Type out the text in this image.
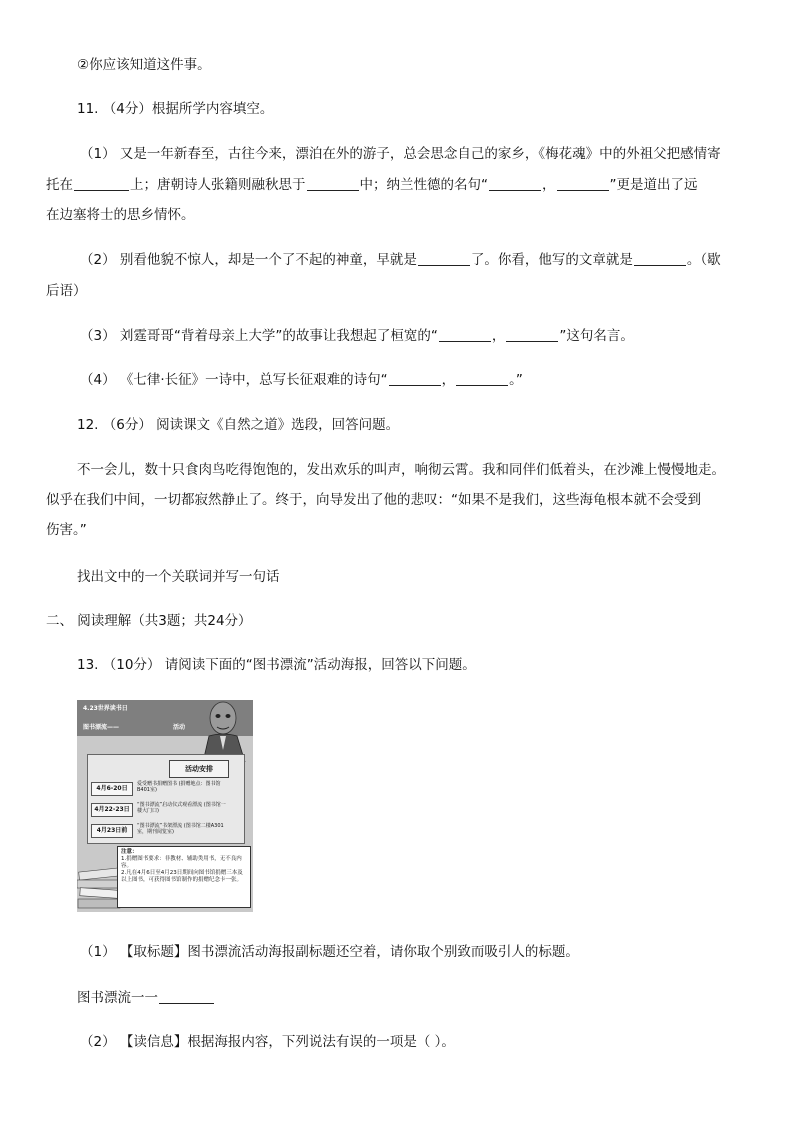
②你应该知道这件事。
11. （4分）根据所学内容填空。
（1） 又是一年新春至，古往今来，漂泊在外的游子，总会思念自己的家乡，《梅花魂》中的外祖父把感情寄
托在	上；唐朝诗人张籍则融秋思于	中；纳兰性德的名句“	，	”更是道出了远
在边塞将士的思乡情怀。
（2） 别看他貌不惊人，却是一个了不起的神童，早就是	了。你看，他写的文章就是	。（歇
后语）
（3） 刘霆哥哥“背着母亲上大学”的故事让我想起了桓宽的“	，	”这句名言。
（4） 《七律·长征》一诗中，总写长征艰难的诗句“	，	。”
12. （6分） 阅读课文《自然之道》选段，回答问题。
不一会儿，数十只食肉鸟吃得饱饱的，发出欢乐的叫声，响彻云霄。我和同伴们低着头，在沙滩上慢慢地走。
似乎在我们中间，一切都寂然静止了。终于，向导发出了他的悲叹：“如果不是我们，这些海龟根本就不会受到
伤害。”
找出文中的一个关联词并写一句话
二、 阅读理解（共3题；共24分）
13. （10分） 请阅读下面的“图书漂流”活动海报，回答以下问题。
4.23世界读书日
图书漂流——	活动
活动安排
4月6-20日
爱受赠书捐赠图书 (捐赠地点：图书馆B401室)
4月22-23日
“图书漂流”启动仪式观看漂流 (图书馆一楼大门口)
4月23日前
“图书漂流”书架漂流 (图书馆二楼A301室，期刊阅览室)
注意：
1.捐赠图书要求：非教材、辅助类用书，无不良内容。
2.凡在4月6日至4月23日期间向图书馆捐赠三本及以上图书，可获得图书馆制作的捐赠纪念卡一张。
（1） 【取标题】图书漂流活动海报副标题还空着，请你取个别致而吸引人的标题。
图书漂流一一
（2） 【读信息】根据海报内容，下列说法有误的一项是（ ）。
